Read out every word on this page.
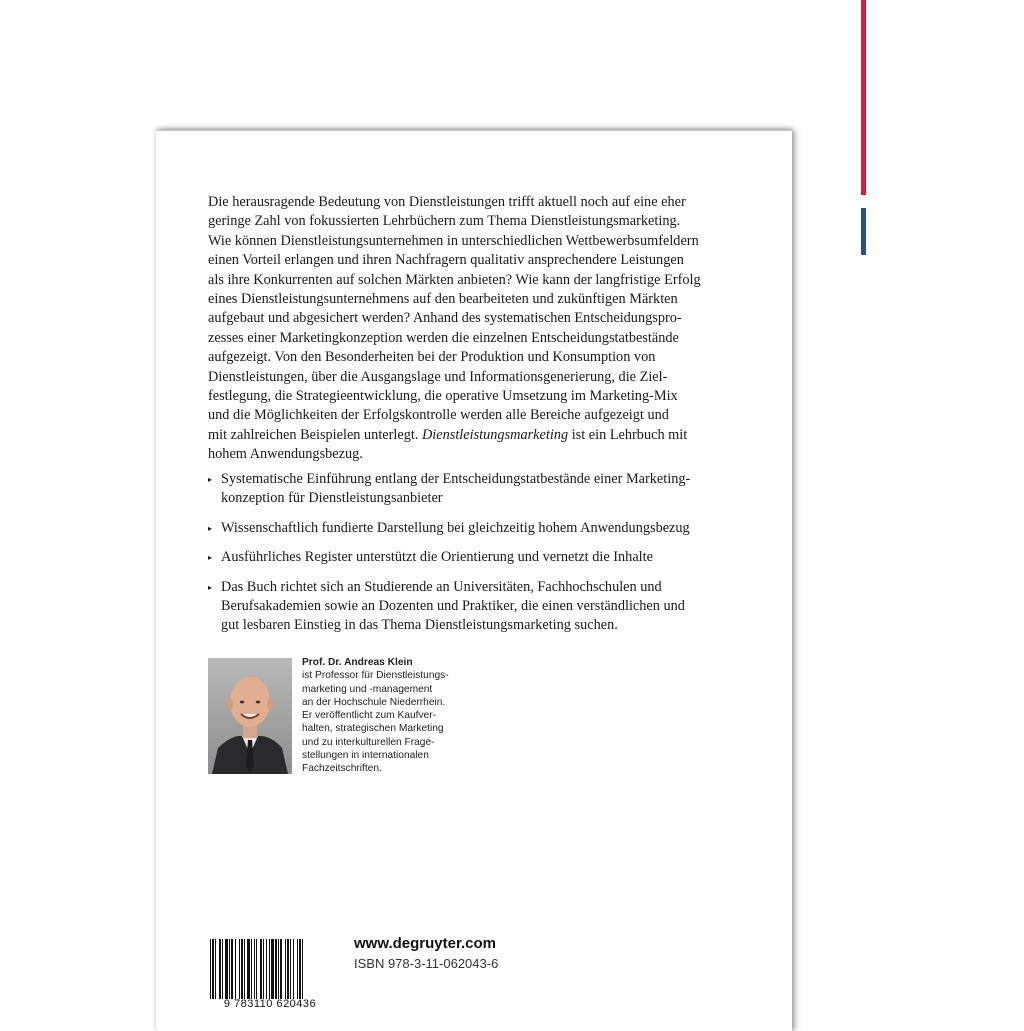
Die herausragende Bedeutung von Dienstleistungen trifft aktuell noch auf eine eher
geringe Zahl von fokussierten Lehrbüchern zum Thema Dienstleistungsmarketing.
Wie können Dienstleistungsunternehmen in unterschiedlichen Wettbewerbsumfeldern
einen Vorteil erlangen und ihren Nachfragern qualitativ ansprechendere Leistungen
als ihre Konkurrenten auf solchen Märkten anbieten? Wie kann der langfristige Erfolg
eines Dienstleistungsunternehmens auf den bearbeiteten und zukünftigen Märkten
aufgebaut und abgesichert werden? Anhand des systematischen Entscheidungspro-
zesses einer Marketingkonzeption werden die einzelnen Entscheidungstatbestände
aufgezeigt. Von den Besonderheiten bei der Produktion und Konsumption von
Dienstleistungen, über die Ausgangslage und Informationsgenerierung, die Ziel-
festlegung, die Strategieentwicklung, die operative Umsetzung im Marketing-Mix
und die Möglichkeiten der Erfolgskontrolle werden alle Bereiche aufgezeigt und
mit zahlreichen Beispielen unterlegt. Dienstleistungsmarketing ist ein Lehrbuch mit
hohem Anwendungsbezug.

▸ Systematische Einführung entlang der Entscheidungstatbestände einer Marketing-
konzeption für Dienstleistungsanbieter
▸ Wissenschaftlich fundierte Darstellung bei gleichzeitig hohem Anwendungsbezug
▸ Ausführliches Register unterstützt die Orientierung und vernetzt die Inhalte
▸ Das Buch richtet sich an Studierende an Universitäten, Fachhochschulen und
Berufsakademien sowie an Dozenten und Praktiker, die einen verständlichen und
gut lesbaren Einstieg in das Thema Dienstleistungsmarketing suchen.
Prof. Dr. Andreas Klein
ist Professor für Dienstleistungs-
marketing und -management
an der Hochschule Niederrhein.
Er veröffentlicht zum Kaufver-
halten, strategischen Marketing
und zu interkulturellen Frage-
stellungen in internationalen
Fachzeitschriften.
9 783110 620436
www.degruyter.com
ISBN 978-3-11-062043-6
